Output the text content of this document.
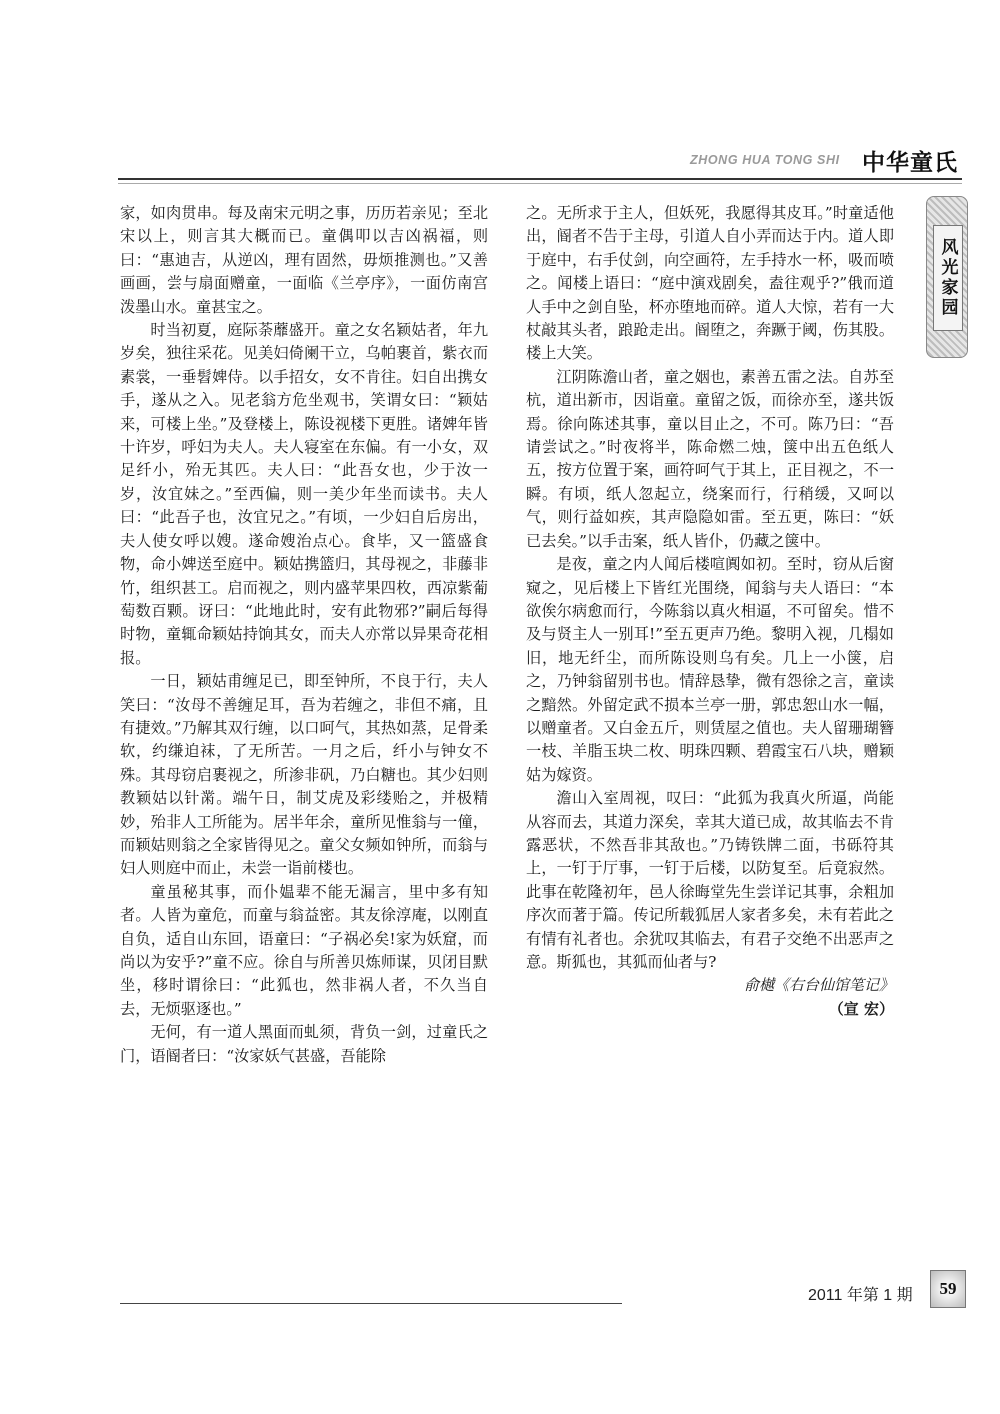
ZHONG HUA TONG SHI 中华童氏
风光家园

家，如肉贯串。每及南宋元明之事，历历若亲见；至北宋以上，则言其大概而已。童偶叩以吉凶祸福，则曰：“惠迪吉，从逆凶，理有固然，毋烦推测也。”又善画画，尝与扇面赠童，一面临《兰亭序》，一面仿南宫泼墨山水。童甚宝之。

时当初夏，庭际荼蘼盛开。童之女名颖姑者，年九岁矣，独往采花。见美妇倚阑干立，乌帕裹首，紫衣而素裳，一垂髫婢侍。以手招女，女不肯往。妇自出携女手，遂从之入。见老翁方危坐观书，笑谓女曰：“颖姑来，可楼上坐。”及登楼上，陈设视楼下更胜。诸婢年皆十许岁，呼妇为夫人。夫人寝室在东偏。有一小女，双足纤小，殆无其匹。夫人曰：“此吾女也，少于汝一岁，汝宜妹之。”至西偏，则一美少年坐而读书。夫人曰：“此吾子也，汝宜兄之。”有顷，一少妇自后房出，夫人使女呼以嫂。遂命嫂治点心。食毕，又一篮盛食物，命小婢送至庭中。颖姑携篮归，其母视之，非藤非竹，组织甚工。启而视之，则内盛苹果四枚，西凉紫葡萄数百颗。讶曰：“此地此时，安有此物邪?”嗣后每得时物，童辄命颖姑持饷其女，而夫人亦常以异果奇花相报。

一日，颖姑甫缠足已，即至钟所，不良于行，夫人笑曰：“汝母不善缠足耳，吾为若缠之，非但不痛，且有捷效。”乃解其双行缠，以口呵气，其热如蒸，足骨柔软，约缣迫袜，了无所苦。一月之后，纤小与钟女不殊。其母窃启裹视之，所渗非矾，乃白糖也。其少妇则教颖姑以针黹。端午日，制艾虎及彩缕贻之，并极精妙，殆非人工所能为。居半年余，童所见惟翁与一僮，而颖姑则翁之全家皆得见之。童父女频如钟所，而翁与妇人则庭中而止，未尝一诣前楼也。

童虽秘其事，而仆媪辈不能无漏言，里中多有知者。人皆为童危，而童与翁益密。其友徐淳庵，以刚直自负，适自山东回，语童曰：“子祸必矣!家为妖窟，而尚以为安乎?”童不应。徐自与所善贝炼师谋，贝闭目默坐，移时谓徐曰：“此狐也，然非祸人者，不久当自去，无烦驱逐也。”

无何，有一道人黑面而虬须，背负一剑，过童氏之门，语阍者曰：“汝家妖气甚盛，吾能除

之。无所求于主人，但妖死，我愿得其皮耳。”时童适他出，阍者不告于主母，引道人自小弄而达于内。道人即于庭中，右手仗剑，向空画符，左手持水一杯，吸而喷之。闻楼上语曰：“庭中演戏剧矣，盍往观乎?”俄而道人手中之剑自坠，杯亦堕地而碎。道人大惊，若有一大杖敲其头者，踉跄走出。阍堕之，奔蹶于阈，伤其股。楼上大笑。

江阴陈澹山者，童之姻也，素善五雷之法。自苏至杭，道出新市，因诣童。童留之饭，而徐亦至，遂共饭焉。徐向陈述其事，童以目止之，不可。陈乃曰：“吾请尝试之。”时夜将半，陈命燃二烛，箧中出五色纸人五，按方位置于案，画符呵气于其上，正目视之，不一瞬。有顷，纸人忽起立，绕案而行，行稍缓，又呵以气，则行益如疾，其声隐隐如雷。至五更，陈曰：“妖已去矣。”以手击案，纸人皆仆，仍藏之箧中。

是夜，童之内人闻后楼喧阗如初。至时，窃从后窗窥之，见后楼上下皆红光围绕，闻翁与夫人语曰：“本欲俟尔病愈而行，今陈翁以真火相逼，不可留矣。惜不及与贤主人一别耳!”至五更声乃绝。黎明入视，几榻如旧，地无纤尘，而所陈设则乌有矣。几上一小箧，启之，乃钟翁留别书也。情辞恳挚，微有怨徐之言，童读之黯然。外留定武不损本兰亭一册，郭忠恕山水一幅，以赠童者。又白金五斤，则赁屋之值也。夫人留珊瑚簪一枝、羊脂玉块二枚、明珠四颗、碧霞宝石八块，赠颖姑为嫁资。

澹山入室周视，叹曰：“此狐为我真火所逼，尚能从容而去，其道力深矣，幸其大道已成，故其临去不肯露恶状，不然吾非其敌也。”乃铸铁牌二面，书砾符其上，一钉于厅事，一钉于后楼，以防复至。后竟寂然。此事在乾隆初年，邑人徐晦堂先生尝详记其事，余粗加序次而著于篇。传记所载狐居人家者多矣，未有若此之有情有礼者也。余犹叹其临去，有君子交绝不出恶声之意。斯狐也，其狐而仙者与?

俞樾《右台仙馆笔记》

（宣 宏）

2011 年第 1 期 59
